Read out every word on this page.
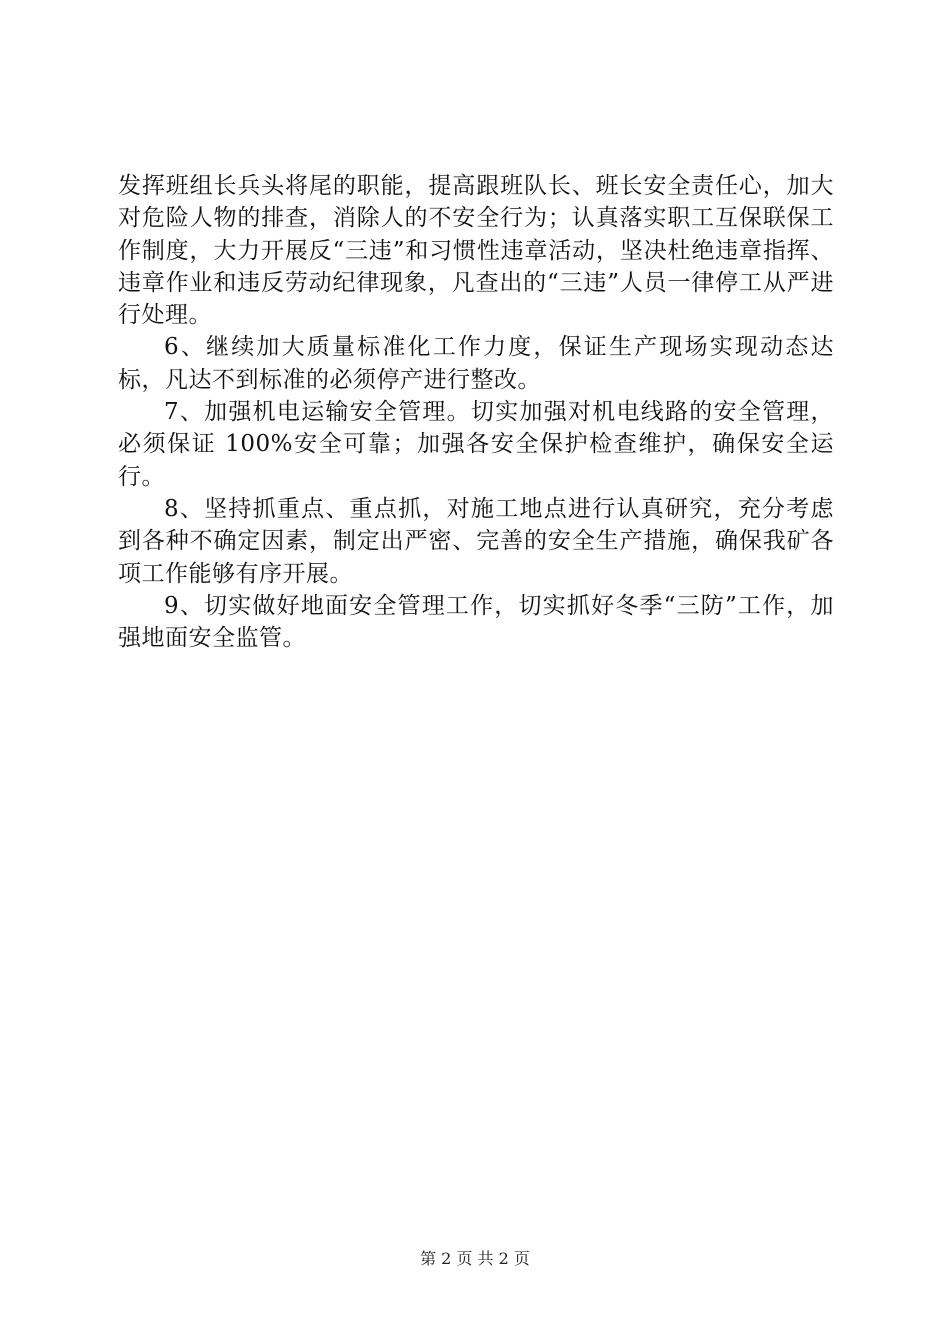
发挥班组长兵头将尾的职能，提高跟班队长、班长安全责任心，加大对危险人物的排查，消除人的不安全行为；认真落实职工互保联保工作制度，大力开展反“三违”和习惯性违章活动，坚决杜绝违章指挥、违章作业和违反劳动纪律现象，凡查出的“三违”人员一律停工从严进行处理。

6、继续加大质量标准化工作力度，保证生产现场实现动态达标，凡达不到标准的必须停产进行整改。

7、加强机电运输安全管理。切实加强对机电线路的安全管理，必须保证 100%安全可靠；加强各安全保护检查维护，确保安全运行。

8、坚持抓重点、重点抓，对施工地点进行认真研究，充分考虑到各种不确定因素，制定出严密、完善的安全生产措施，确保我矿各项工作能够有序开展。

9、切实做好地面安全管理工作，切实抓好冬季“三防”工作，加强地面安全监管。

第 2 页 共 2 页
